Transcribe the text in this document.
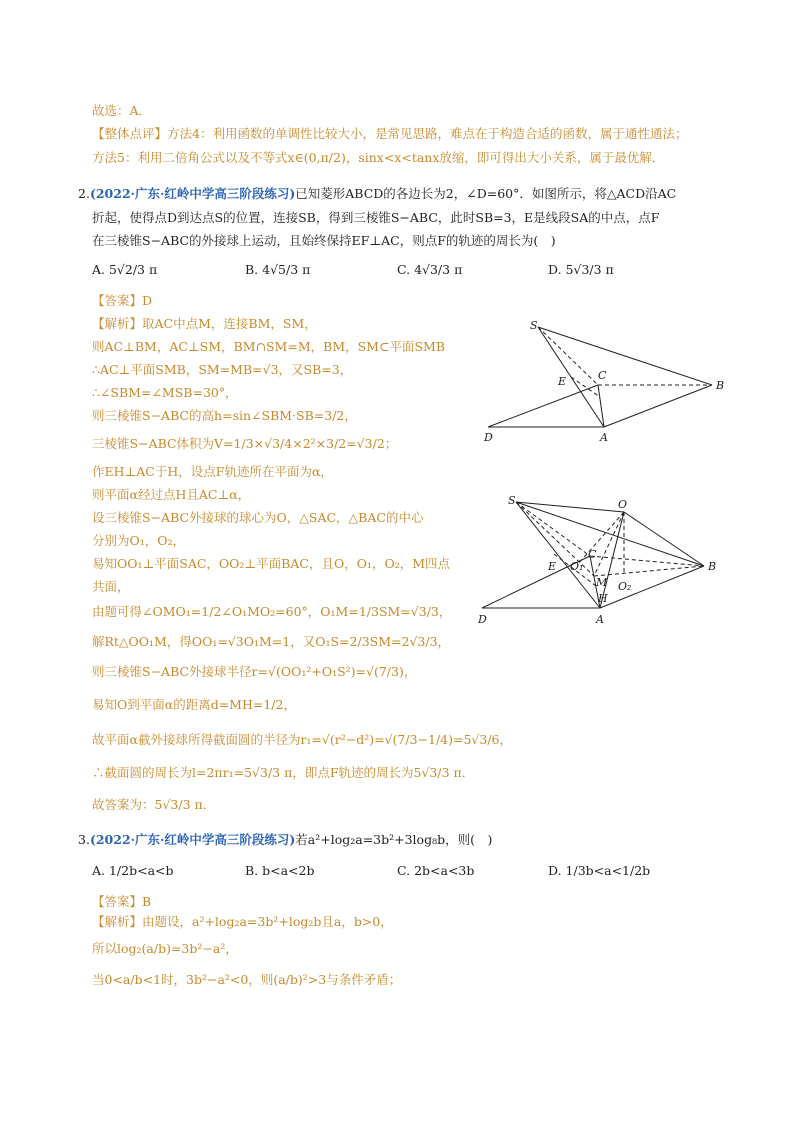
故选：A．
【整体点评】方法4：利用函数的单调性比较大小，是常见思路，难点在于构造合适的函数，属于通性通法；
方法5：利用二倍角公式以及不等式x∈(0,π/2)，sinx<x<tanx放缩，即可得出大小关系，属于最优解．
2.(2022·广东·红岭中学高三阶段练习)已知菱形ABCD的各边长为2，∠D=60°．如图所示，将△ACD沿AC
折起，使得点D到达点S的位置，连接SB，得到三棱锥S−ABC，此时SB=3，E是线段SA的中点，点F
在三棱锥S−ABC的外接球上运动，且始终保持EF⊥AC，则点F的轨迹的周长为(　)
A. 5√2/3 π	B. 4√5/3 π	C. 4√3/3 π	D. 5√3/3 π
【答案】D
【解析】取AC中点M，连接BM，SM，
则AC⊥BM，AC⊥SM，BM∩SM=M，BM，SM⊂平面SMB
∴AC⊥平面SMB，SM=MB=√3，又SB=3，
∴∠SBM=∠MSB=30°，
则三棱锥S−ABC的高h=sin∠SBM·SB=3/2，
三棱锥S−ABC体积为V=1/3×√3/4×2²×3/2=√3/2；
作EH⊥AC于H，设点F轨迹所在平面为α，
则平面α经过点H且AC⊥α，
设三棱锥S−ABC外接球的球心为O，△SAC，△BAC的中心
分别为O₁，O₂，
易知OO₁⊥平面SAC，OO₂⊥平面BAC，且O，O₁，O₂，M四点
共面，
由题可得∠OMO₁=1/2∠O₁MO₂=60°，O₁M=1/3SM=√3/3，
解Rt△OO₁M，得OO₁=√3O₁M=1，又O₁S=2/3SM=2√3/3，
则三棱锥S−ABC外接球半径r=√(OO₁²+O₁S²)=√(7/3)，
易知O到平面α的距离d=MH=1/2，
故平面α截外接球所得截面圆的半径为r₁=√(r²−d²)=√(7/3−1/4)=5√3/6，
∴截面圆的周长为l=2πr₁=5√3/3 π，即点F轨迹的周长为5√3/3 π．
故答案为：5√3/3 π．
S
B
C
E
D	A
S	O
C
O₁
M O₂
E
H
B
D	A
3.(2022·广东·红岭中学高三阶段练习)若a²+log₂a=3b²+3log₈b，则(　)
A. 1/2b<a<b	B. b<a<2b	C. 2b<a<3b	D. 1/3b<a<1/2b
【答案】B
【解析】由题设，a²+log₂a=3b²+log₂b且a，b>0，
所以log₂(a/b)=3b²−a²，
当0<a/b<1时，3b²−a²<0，则(a/b)²>3与条件矛盾；
